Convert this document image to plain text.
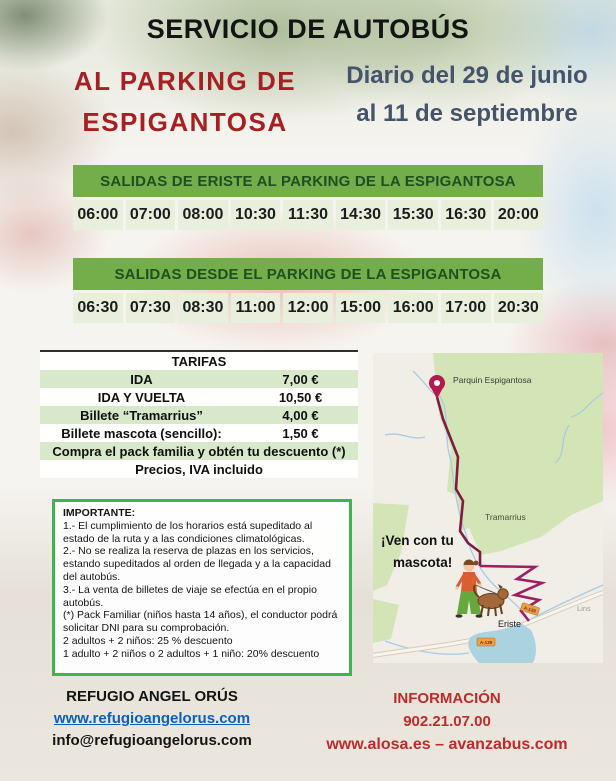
SERVICIO DE AUTOBÚS
AL PARKING DE
ESPIGANTOSA
Diario del 29 de junio
al 11 de septiembre
SALIDAS DE ERISTE AL PARKING DE LA ESPIGANTOSA
06:00 07:00 08:00 10:30 11:30 14:30 15:30 16:30 20:00
SALIDAS DESDE EL PARKING DE LA ESPIGANTOSA
06:30 07:30 08:30 11:00 12:00 15:00 16:00 17:00 20:30
TARIFAS
IDA	7,00 €
IDA Y VUELTA	10,50 €
Billete “Tramarrius”	4,00 €
Billete mascota (sencillo):	1,50 €
Compra el pack familia y obtén tu descuento (*)
Precios, IVA incluido
IMPORTANTE:
1.- El cumplimiento de los horarios está supeditado al estado de la ruta y a las condiciones climatológicas.
2.- No se realiza la reserva de plazas en los servicios, estando supeditados al orden de llegada y a la capacidad del autobús.
3.- La venta de billetes de viaje se efectúa en el propio autobús.
(*) Pack Familiar (niños hasta 14 años), el conductor podrá solicitar DNI para su comprobación.
2 adultos + 2 niños: 25 % descuento
1 adulto + 2 niños o 2 adultos + 1 niño: 20% descuento
A-139
A-139
Parquin Espigantosa
Tramarrius
Eriste
Lins
¡Ven con tu
mascota!
REFUGIO ANGEL ORÚS
www.refugioangelorus.com
info@refugioangelorus.com
INFORMACIÓN
902.21.07.00
www.alosa.es – avanzabus.com
